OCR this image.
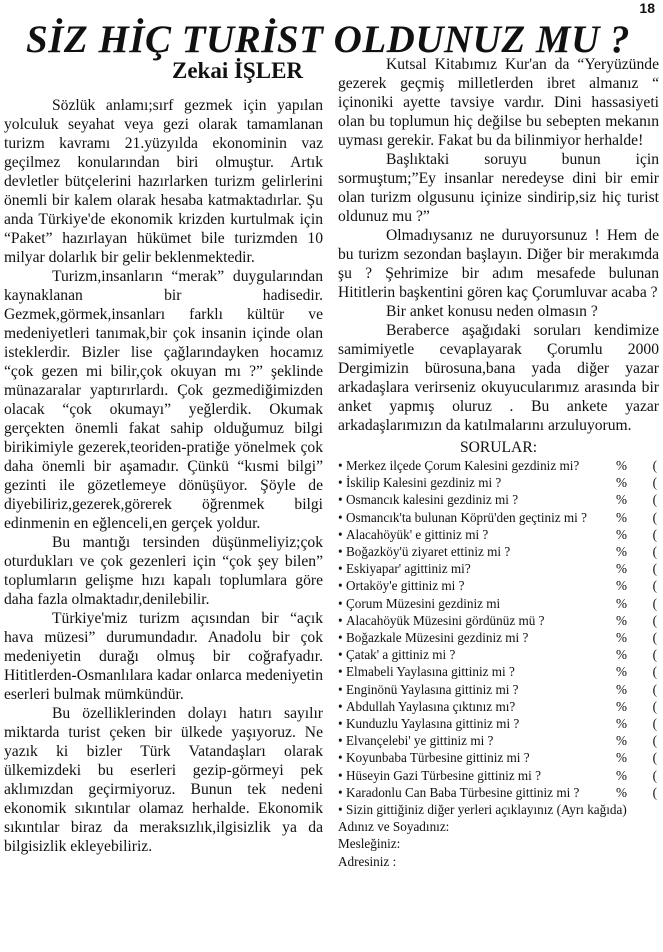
18
SİZ HİÇ TURİST OLDUNUZ MU ?
Zekai İŞLER

Sözlük anlamı;sırf gezmek için yapılan yolculuk seyahat veya gezi olarak tamamlanan turizm kavramı 21.yüzyılda ekonominin vaz geçilmez konularından biri olmuştur. Artık devletler bütçelerini hazırlarken turizm gelirlerini önemli bir kalem olarak hesaba katmaktadırlar. Şu anda Türkiye'de ekonomik krizden kurtulmak için “Paket” hazırlayan hükümet bile turizmden 10 milyar dolarlık bir gelir beklenmektedir.

Turizm,insanların “merak” duygularından kaynaklanan bir hadisedir. Gezmek,görmek,insanları farklı kültür ve medeniyetleri tanımak,bir çok insanin içinde olan isteklerdir. Bizler lise çağlarındayken hocamız “çok gezen mi bilir,çok okuyan mı ?” şeklinde münazaralar yaptırırlardı. Çok gezmediğimizden olacak “çok okumayı” yeğlerdik. Okumak gerçekten önemli fakat sahip olduğumuz bilgi birikimiyle gezerek,teoriden-pratiğe yönelmek çok daha önemli bir aşamadır. Çünkü “kısmi bilgi” gezinti ile gözetlemeye dönüşüyor. Şöyle de diyebiliriz,gezerek,görerek öğrenmek bilgi edinmenin en eğlenceli,en gerçek yoldur.

Bu mantığı tersinden düşünmeliyiz;çok oturdukları ve çok gezenleri için “çok şey bilen” toplumların gelişme hızı kapalı toplumlara göre daha fazla olmaktadır,denilebilir.

Türkiye'miz turizm açısından bir “açık hava müzesi” durumundadır. Anadolu bir çok medeniyetin durağı olmuş bir coğrafyadır. Hititlerden-Osmanlılara kadar onlarca medeniyetin eserleri bulmak mümkündür.

Bu özelliklerinden dolayı hatırı sayılır miktarda turist çeken bir ülkede yaşıyoruz. Ne yazık ki bizler Türk Vatandaşları olarak ülkemizdeki bu eserleri gezip-görmeyi pek aklımızdan geçirmiyoruz. Bunun tek nedeni ekonomik sıkıntılar olamaz herhalde. Ekonomik sıkıntılar biraz da meraksızlık,ilgisizlik ya da bilgisizlik ekleyebiliriz.

Kutsal Kitabımız Kur'an da “Yeryüzünde gezerek geçmiş milletlerden ibret almanız “ içinoniki ayette tavsiye vardır. Dini hassasiyeti olan bu toplumun hiç değilse bu sebepten mekanın uyması gerekir. Fakat bu da bilinmiyor herhalde!

Başlıktaki soruyu bunun için sormuştum;”Ey insanlar neredeyse dini bir emir olan turizm olgusunu içinize sindirip,siz hiç turist oldunuz mu ?”

Olmadıysanız ne duruyorsunuz ! Hem de bu turizm sezondan başlayın. Diğer bir merakımda şu ? Şehrimize bir adım mesafede bulunan Hititlerin başkentini gören kaç Çorumluvar acaba ?

Bir anket konusu neden olmasın ?

Beraberce aşağıdaki soruları kendimize samimiyetle cevaplayarak Çorumlu 2000 Dergimizin bürosuna,bana yada diğer yazar arkadaşlara verirseniz okuyucularımız arasında bir anket yapmış oluruz . Bu ankete yazar arkadaşlarımızın da katılmalarını arzuluyorum.

SORULAR:
• Merkez ilçede Çorum Kalesini gezdiniz mi?	% (
• İskilip Kalesini gezdiniz mi ?	% (
• Osmancık kalesini gezdiniz mi ?	% (
• Osmancık'ta bulunan Köprü'den geçtiniz mi ? % (
• Alacahöyük' e gittiniz mi ?	% (
• Boğazköy'ü ziyaret ettiniz mi ?	% (
• Eskiyapar' agittiniz mi?	% (
• Ortaköy'e gittiniz mi ?	% (
• Çorum Müzesini gezdiniz mi	% (
• Alacahöyük Müzesini gördünüz mü ?	% (
• Boğazkale Müzesini gezdiniz mi ?	% (
• Çatak' a gittiniz mi ?	% (
• Elmabeli Yaylasına gittiniz mi ?	% (
• Enginönü Yaylasına gittiniz mi ?	% (
• Abdullah Yaylasına çıktınız mı?	% (
• Kunduzlu Yaylasına gittiniz mi ?	% (
• Elvançelebi' ye gittiniz mi ?	% (
• Koyunbaba Türbesine gittiniz mi ?	% (
• Hüseyin Gazi Türbesine gittiniz mi ?	% (
• Karadonlu Can Baba Türbesine gittiniz mi ?	% (
• Sizin gittiğiniz diğer yerleri açıklayınız (Ayrı kağıda)

Adınız ve Soyadınız:

Mesleğiniz:

Adresiniz :
